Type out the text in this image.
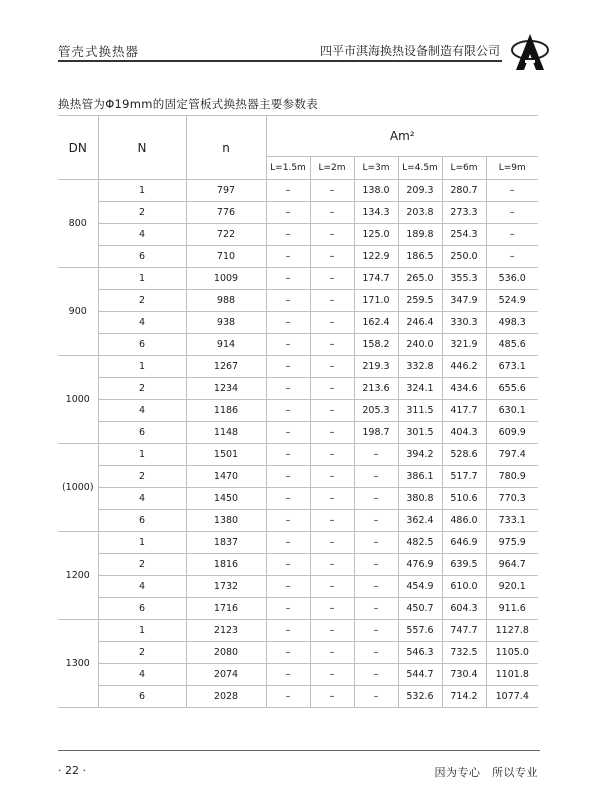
管壳式换热器	四平市淇海换热设备制造有限公司
换热管为Φ19mm的固定管板式换热器主要参数表
DN	N	n	Am²					
			L=1.5m	L=2m	L=3m	L=4.5m	L=6m	L=9m
800	1	797	–	–	138.0	209.3	280.7	–
	2	776	–	–	134.3	203.8	273.3	–
	4	722	–	–	125.0	189.8	254.3	–
	6	710	–	–	122.9	186.5	250.0	–
900	1	1009	–	–	174.7	265.0	355.3	536.0
	2	988	–	–	171.0	259.5	347.9	524.9
	4	938	–	–	162.4	246.4	330.3	498.3
	6	914	–	–	158.2	240.0	321.9	485.6
1000	1	1267	–	–	219.3	332.8	446.2	673.1
	2	1234	–	–	213.6	324.1	434.6	655.6
	4	1186	–	–	205.3	311.5	417.7	630.1
	6	1148	–	–	198.7	301.5	404.3	609.9
(1000)	1	1501	–	–	–	394.2	528.6	797.4
	2	1470	–	–	–	386.1	517.7	780.9
	4	1450	–	–	–	380.8	510.6	770.3
	6	1380	–	–	–	362.4	486.0	733.1
1200	1	1837	–	–	–	482.5	646.9	975.9
	2	1816	–	–	–	476.9	639.5	964.7
	4	1732	–	–	–	454.9	610.0	920.1
	6	1716	–	–	–	450.7	604.3	911.6
1300	1	2123	–	–	–	557.6	747.7	1127.8
	2	2080	–	–	–	546.3	732.5	1105.0
	4	2074	–	–	–	544.7	730.4	1101.8
	6	2028	–	–	–	532.6	714.2	1077.4
· 22 ·	因为专心　所以专业
